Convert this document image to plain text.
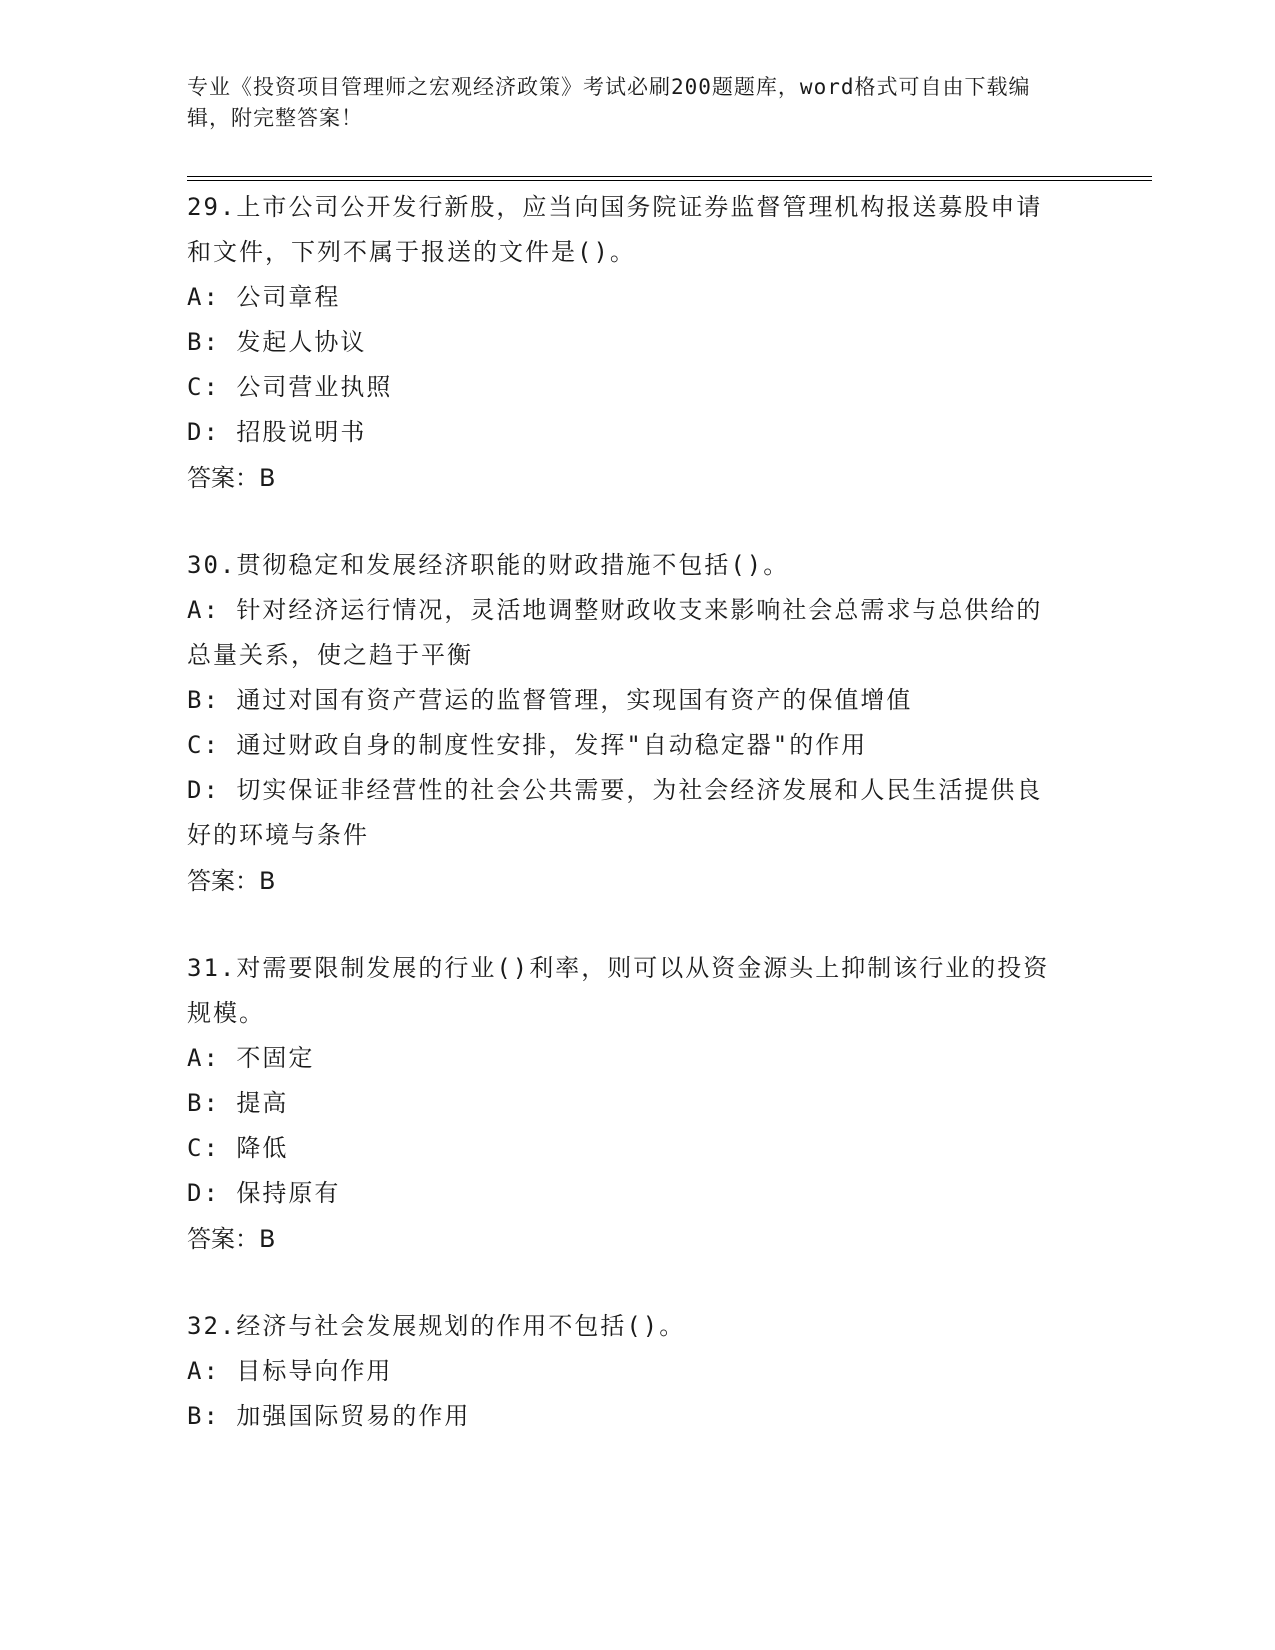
专业《投资项目管理师之宏观经济政策》考试必刷200题题库，word格式可自由下载编辑，附完整答案！

29.上市公司公开发行新股，应当向国务院证券监督管理机构报送募股申请和文件，下列不属于报送的文件是()。

A: 公司章程

B: 发起人协议

C: 公司营业执照

D: 招股说明书

答案：B

30.贯彻稳定和发展经济职能的财政措施不包括()。

A: 针对经济运行情况，灵活地调整财政收支来影响社会总需求与总供给的总量关系，使之趋于平衡

B: 通过对国有资产营运的监督管理，实现国有资产的保值增值

C: 通过财政自身的制度性安排，发挥"自动稳定器"的作用

D: 切实保证非经营性的社会公共需要，为社会经济发展和人民生活提供良好的环境与条件

答案：B

31.对需要限制发展的行业()利率，则可以从资金源头上抑制该行业的投资规模。

A: 不固定

B: 提高

C: 降低

D: 保持原有

答案：B

32.经济与社会发展规划的作用不包括()。

A: 目标导向作用

B: 加强国际贸易的作用
